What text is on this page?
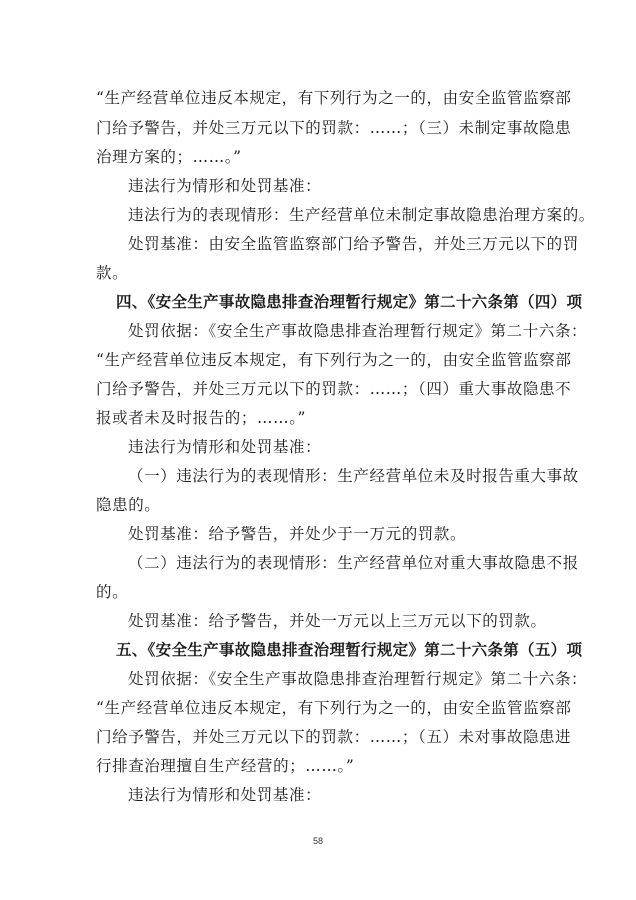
“生产经营单位违反本规定，有下列行为之一的，由安全监管监察部
门给予警告，并处三万元以下的罚款：……；（三）未制定事故隐患
治理方案的；……。”
违法行为情形和处罚基准：
违法行为的表现情形：生产经营单位未制定事故隐患治理方案的。
处罚基准：由安全监管监察部门给予警告，并处三万元以下的罚
款。
四、《安全生产事故隐患排查治理暂行规定》第二十六条第（四）项
处罚依据：《安全生产事故隐患排查治理暂行规定》第二十六条：
“生产经营单位违反本规定，有下列行为之一的，由安全监管监察部
门给予警告，并处三万元以下的罚款：……；（四）重大事故隐患不
报或者未及时报告的；……。”
违法行为情形和处罚基准：
（一）违法行为的表现情形：生产经营单位未及时报告重大事故
隐患的。
处罚基准：给予警告，并处少于一万元的罚款。
（二）违法行为的表现情形：生产经营单位对重大事故隐患不报
的。
处罚基准：给予警告，并处一万元以上三万元以下的罚款。
五、《安全生产事故隐患排查治理暂行规定》第二十六条第（五）项
处罚依据：《安全生产事故隐患排查治理暂行规定》第二十六条：
“生产经营单位违反本规定，有下列行为之一的，由安全监管监察部
门给予警告，并处三万元以下的罚款：……；（五）未对事故隐患进
行排查治理擅自生产经营的；……。”
违法行为情形和处罚基准：
58
